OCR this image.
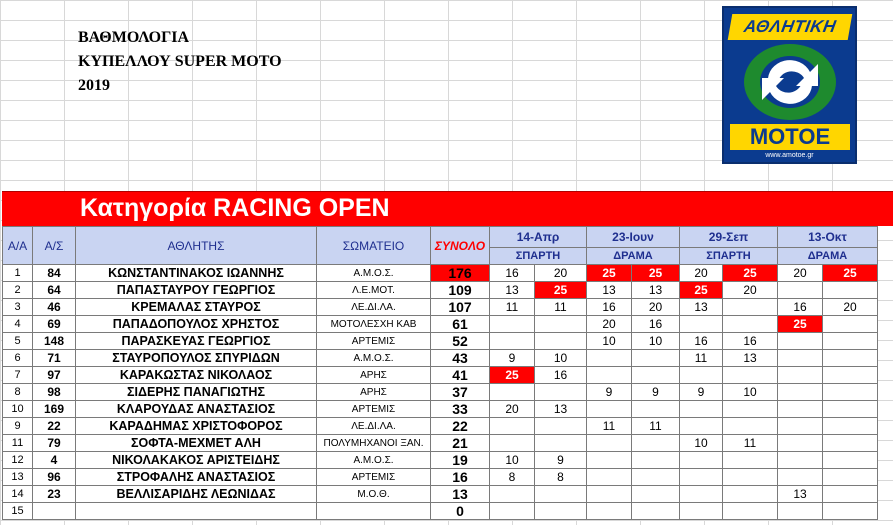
ΒΑΘΜΟΛΟΓΙΑ
ΚΥΠΕΛΛΟΥ SUPER MOTO
2019
ΑΘΛΗΤΙΚΗ
ΜΟΤΟΕ
www.amotoe.gr
Κατηγορία RACING OPEN
Α/Α	Α/Σ	ΑΘΛΗΤΗΣ	ΣΩΜΑΤΕΙΟ	ΣΥΝΟΛΟ	14-Απρ		23-Ιουν		29-Σεπ		13-Οκτ	
					ΣΠΑΡΤΗ		ΔΡΑΜΑ		ΣΠΑΡΤΗ		ΔΡΑΜΑ	
1	84	ΚΩΝΣΤΑΝΤΙΝΑΚΟΣ ΙΩΑΝΝΗΣ	Α.Μ.Ο.Σ.	176	16	20	25	25	20	25	20	25
2	64	ΠΑΠΑΣΤΑΥΡΟΥ ΓΕΩΡΓΙΟΣ	Λ.Ε.ΜΟΤ.	109	13	25	13	13	25	20		
3	46	ΚΡΕΜΑΛΑΣ ΣΤΑΥΡΟΣ	ΛΕ.ΔΙ.ΛΑ.	107	11	11	16	20	13		16	20
4	69	ΠΑΠΑΔΟΠΟΥΛΟΣ ΧΡΗΣΤΟΣ	ΜΟΤΟΛΕΣΧΗ ΚΑΒ	61			20	16			25	
5	148	ΠΑΡΑΣΚΕΥΑΣ ΓΕΩΡΓΙΟΣ	ΑΡΤΕΜΙΣ	52			10	10	16	16		
6	71	ΣΤΑΥΡΟΠΟΥΛΟΣ ΣΠΥΡΙΔΩΝ	Α.Μ.Ο.Σ.	43	9	10			11	13		
7	97	ΚΑΡΑΚΩΣΤΑΣ ΝΙΚΟΛΑΟΣ	ΑΡΗΣ	41	25	16						
8	98	ΣΙΔΕΡΗΣ ΠΑΝΑΓΙΩΤΗΣ	ΑΡΗΣ	37			9	9	9	10		
10	169	ΚΛΑΡΟΥΔΑΣ ΑΝΑΣΤΑΣΙΟΣ	ΑΡΤΕΜΙΣ	33	20	13						
9	22	ΚΑΡΑΔΗΜΑΣ ΧΡΙΣΤΟΦΟΡΟΣ	ΛΕ.ΔΙ.ΛΑ.	22			11	11				
11	79	ΣΟΦΤΑ-ΜΕΧΜΕΤ ΑΛΗ	ΠΟΛΥΜΗΧΑΝΟΙ ΞΑΝ.	21					10	11		
12	4	ΝΙΚΟΛΑΚΑΚΟΣ ΑΡΙΣΤΕΙΔΗΣ	Α.Μ.Ο.Σ.	19	10	9						
13	96	ΣΤΡΟΦΑΛΗΣ ΑΝΑΣΤΑΣΙΟΣ	ΑΡΤΕΜΙΣ	16	8	8						
14	23	ΒΕΛΛΙΣΑΡΙΔΗΣ ΛΕΩΝΙΔΑΣ	Μ.Ο.Θ.	13							13	
15				0								
